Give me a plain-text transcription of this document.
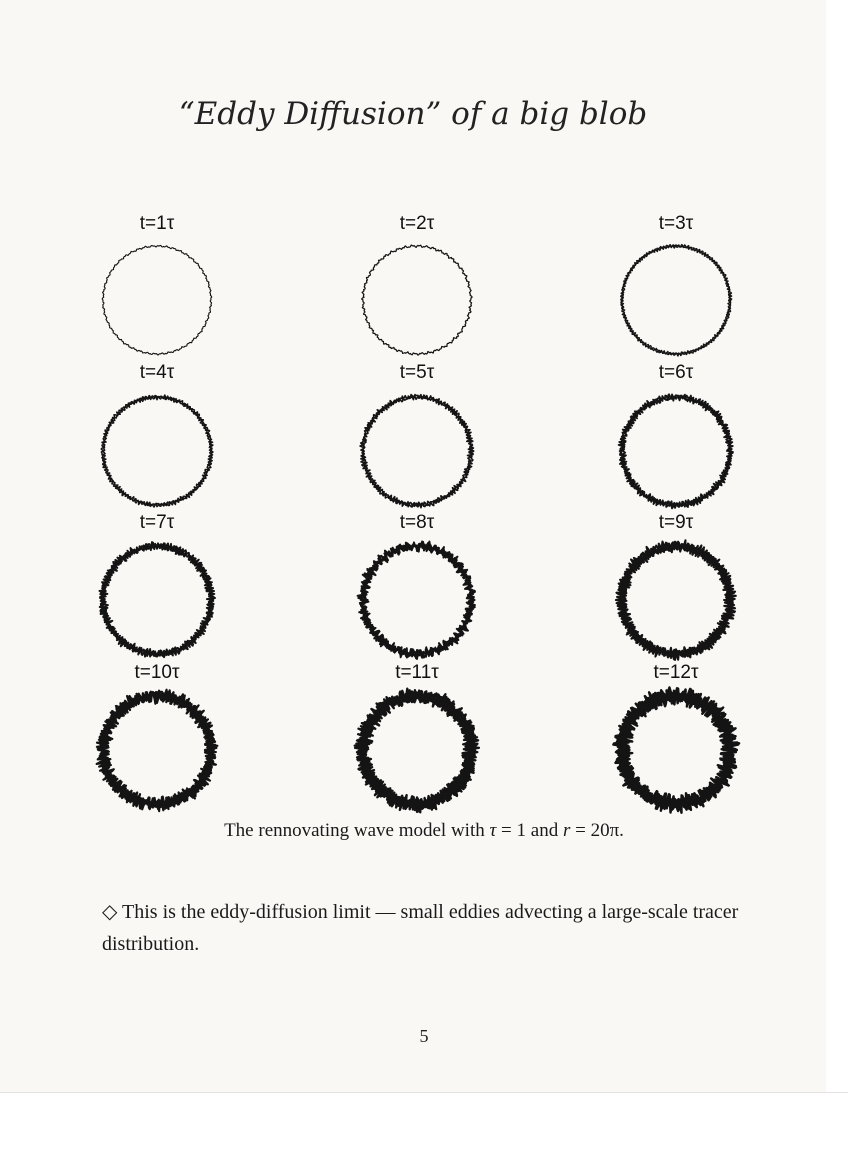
“Eddy Diffusion” of a big blob
t=1τ	t=2τ	t=3τ
t=4τ	t=5τ	t=6τ
t=7τ	t=8τ	t=9τ
t=10τ	t=11τ	t=12τ
The rennovating wave model with τ = 1 and r = 20π.
◇ This is the eddy-diffusion limit — small eddies advecting a large-scale tracer distribution.
5
